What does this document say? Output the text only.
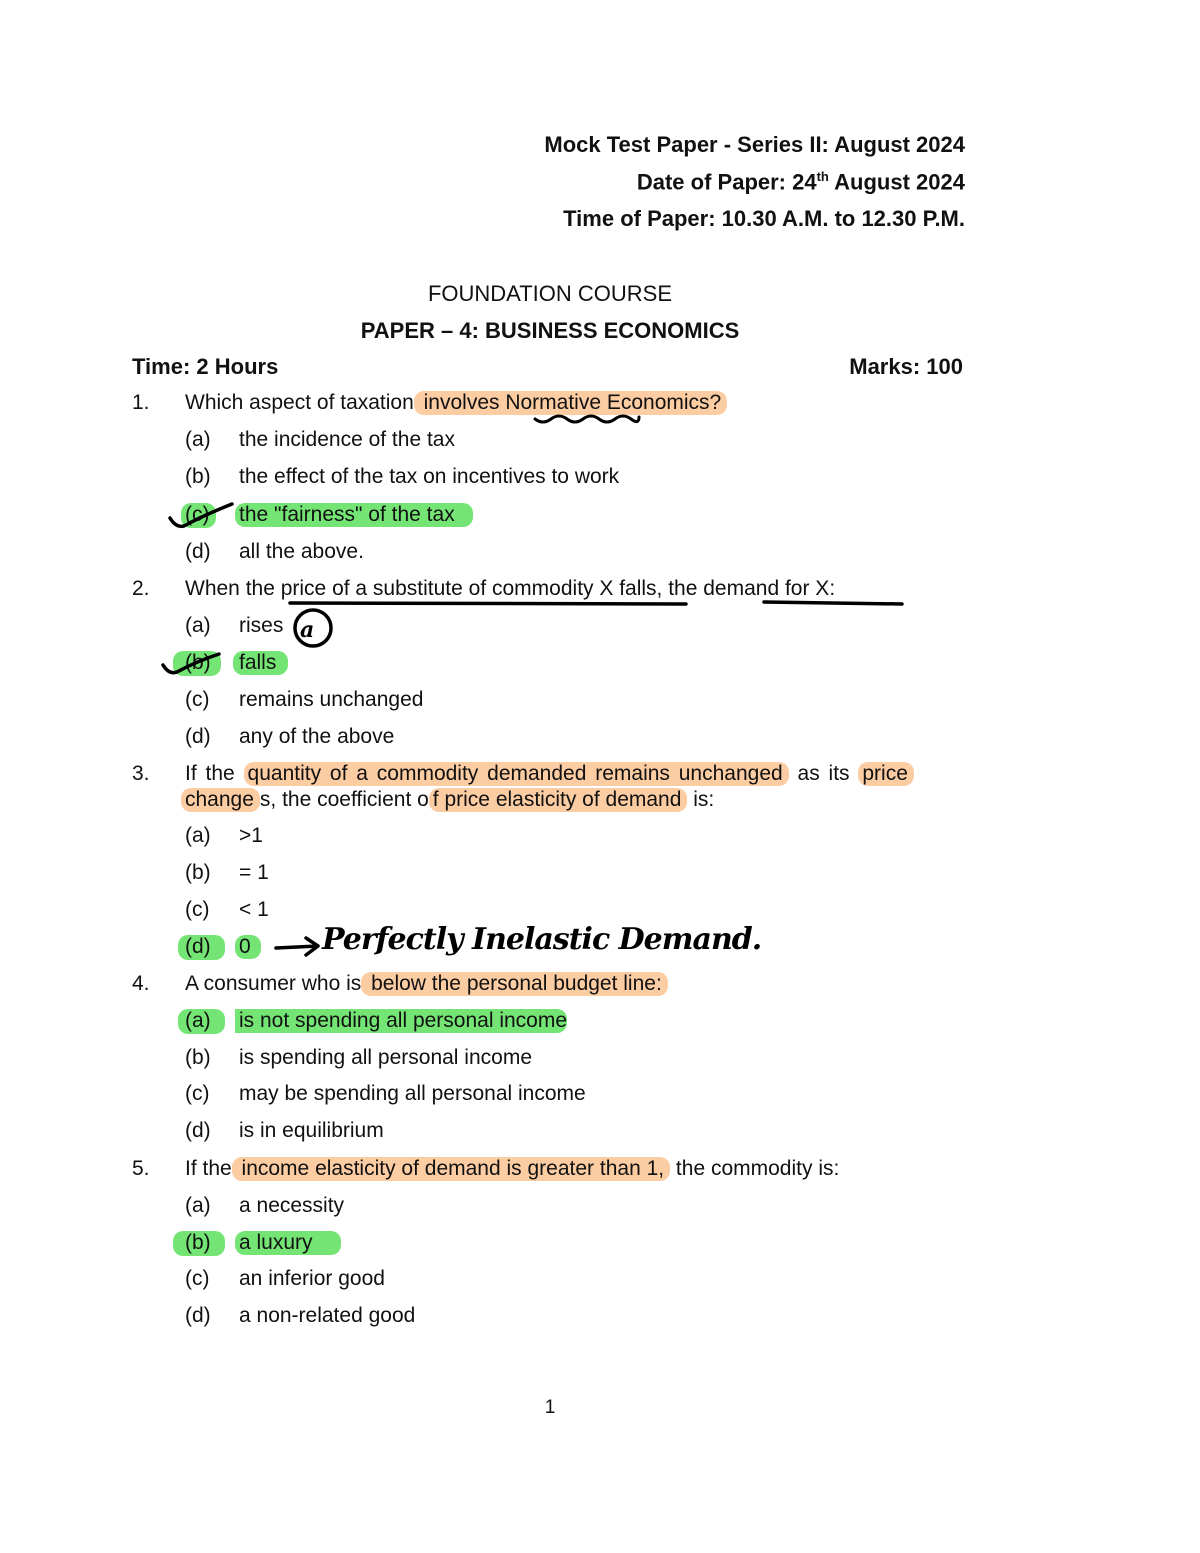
Mock Test Paper - Series II: August 2024
Date of Paper: 24th August 2024
Time of Paper: 10.30 A.M. to 12.30 P.M.
FOUNDATION COURSE
PAPER – 4: BUSINESS ECONOMICS
Time: 2 Hours	Marks: 100
1. Which aspect of taxation involves Normative Economics?
(a) the incidence of the tax
(b) the effect of the tax on incentives to work
(c) the "fairness" of the tax
(d) all the above.
2. When the price of a substitute of commodity X falls, the demand for X:
(a) rises
(b)	falls
(c) remains unchanged
(d) any of the above
3. If the quantity of a commodity demanded remains unchanged as its price
change s, the coefficient o f price elasticity of demand is:
(a) >1
(b) = 1
(c) < 1
(d)	0	Perfectly Inelastic Demand.
4. A consumer who is below the personal budget line:
(a)	is not spending all personal income
(b) is spending all personal income
(c) may be spending all personal income
(d) is in equilibrium
5. If the income elasticity of demand is greater than 1, the commodity is:
(a) a necessity
(b)	a luxury
(c) an inferior good
(d) a non-related good
1
a
